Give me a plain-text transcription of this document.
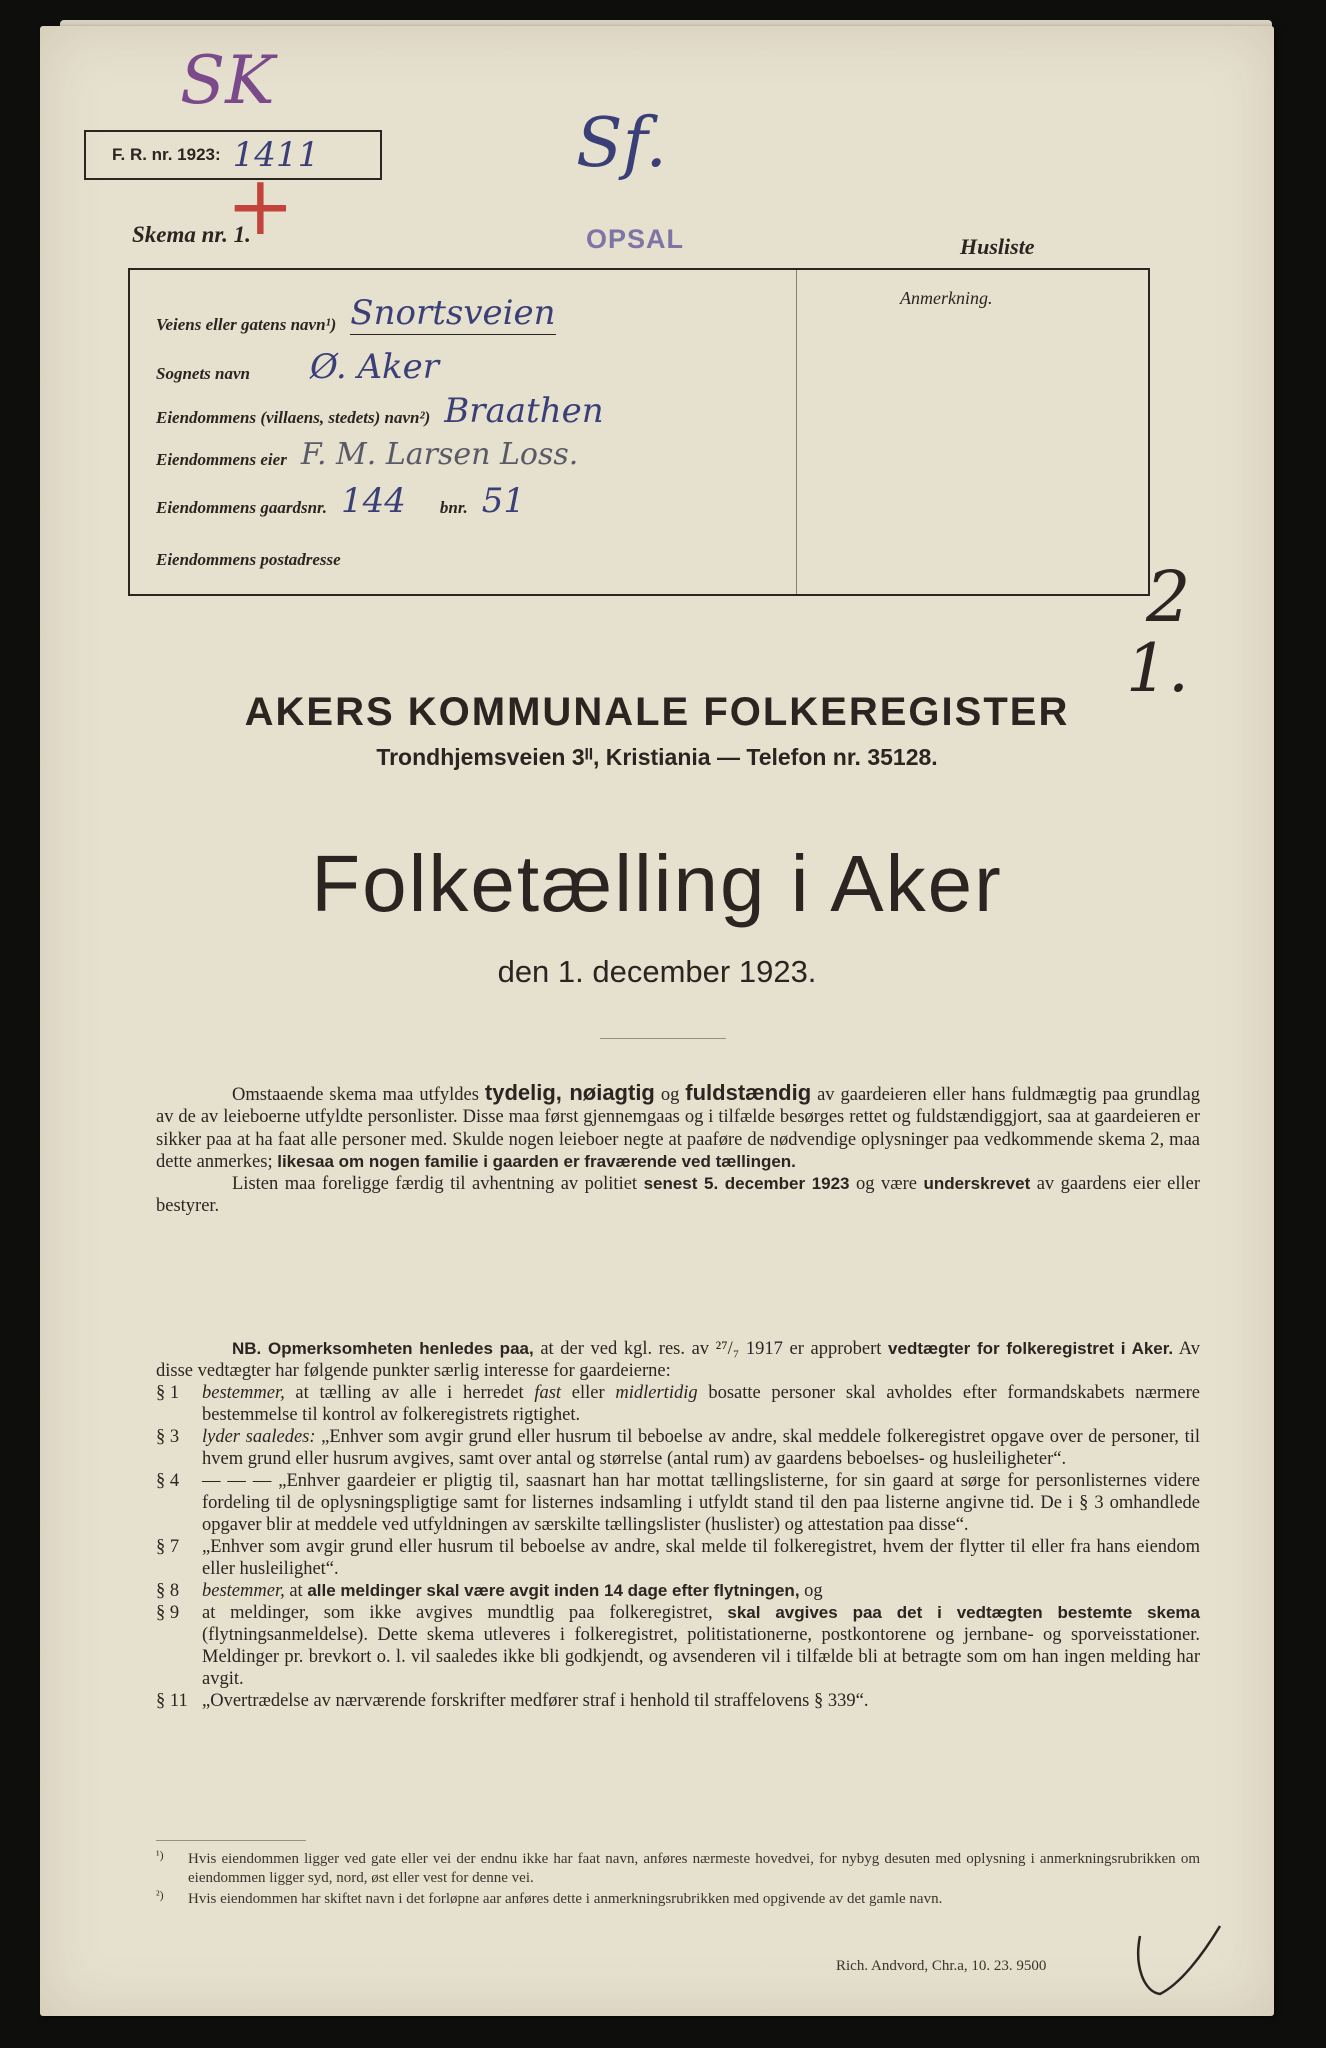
SK
Sf.
+
F. R. nr. 1923: 1411
Skema nr. 1.	OPSAL	Husliste
Anmerkning.
Veiens eller gatens navn¹) Snortsveien
Sognets navn Ø. Aker
Eiendommens (villaens, stedets) navn²) Braathen
Eiendommens eier F. M. Larsen Loss.
Eiendommens gaardsnr. 144 bnr. 51
Eiendommens postadresse	2
1.
AKERS KOMMUNALE FOLKEREGISTER
Trondhjemsveien 3ᴵᴵ, Kristiania — Telefon nr. 35128.
Folketælling i Aker
den 1. december 1923.

Omstaaende skema maa utfyldes tydelig, nøiagtig og fuldstændig av gaardeieren eller hans fuldmægtig paa grundlag av de av leieboerne utfyldte personlister. Disse maa først gjennemgaas og i tilfælde besørges rettet og fuldstændiggjort, saa at gaardeieren er sikker paa at ha faat alle personer med. Skulde nogen leieboer negte at paaføre de nødvendige oplysninger paa vedkommende skema 2, maa dette anmerkes; likesaa om nogen familie i gaarden er fraværende ved tællingen.

Listen maa foreligge færdig til avhentning av politiet senest 5. december 1923 og være underskrevet av gaardens eier eller bestyrer.

NB. Opmerksomheten henledes paa, at der ved kgl. res. av ²⁷/₇ 1917 er approbert vedtægter for folkeregistret i Aker. Av disse vedtægter har følgende punkter særlig interesse for gaardeierne:

§ 1 bestemmer, at tælling av alle i herredet fast eller midlertidig bosatte personer skal avholdes efter formandskabets nærmere bestemmelse til kontrol av folkeregistrets rigtighet.

§ 3 lyder saaledes: „Enhver som avgir grund eller husrum til beboelse av andre, skal meddele folkeregistret opgave over de personer, til hvem grund eller husrum avgives, samt over antal og størrelse (antal rum) av gaardens beboelses- og husleiligheter“.

§ 4 — — — „Enhver gaardeier er pligtig til, saasnart han har mottat tællingslisterne, for sin gaard at sørge for personlisternes videre fordeling til de oplysningspligtige samt for listernes indsamling i utfyldt stand til den paa listerne angivne tid. De i § 3 omhandlede opgaver blir at meddele ved utfyldningen av særskilte tællingslister (huslister) og attestation paa disse“.

§ 7 „Enhver som avgir grund eller husrum til beboelse av andre, skal melde til folkeregistret, hvem der flytter til eller fra hans eiendom eller husleilighet“.

§ 8 bestemmer, at alle meldinger skal være avgit inden 14 dage efter flytningen, og

§ 9 at meldinger, som ikke avgives mundtlig paa folkeregistret, skal avgives paa det i vedtægten bestemte skema (flytningsanmeldelse). Dette skema utleveres i folkeregistret, politistationerne, postkontorene og jernbane- og sporveisstationer. Meldinger pr. brevkort o. l. vil saaledes ikke bli godkjendt, og avsenderen vil i tilfælde bli at betragte som om han ingen melding har avgit.

§ 11 „Overtrædelse av nærværende forskrifter medfører straf i henhold til straffelovens § 339“.

¹) Hvis eiendommen ligger ved gate eller vei der endnu ikke har faat navn, anføres nærmeste hovedvei, for nybyg desuten med oplysning i anmerkningsrubrikken om eiendommen ligger syd, nord, øst eller vest for denne vei.

²) Hvis eiendommen har skiftet navn i det forløpne aar anføres dette i anmerkningsrubrikken med opgivende av det gamle navn.

Rich. Andvord, Chr.a, 10. 23. 9500
